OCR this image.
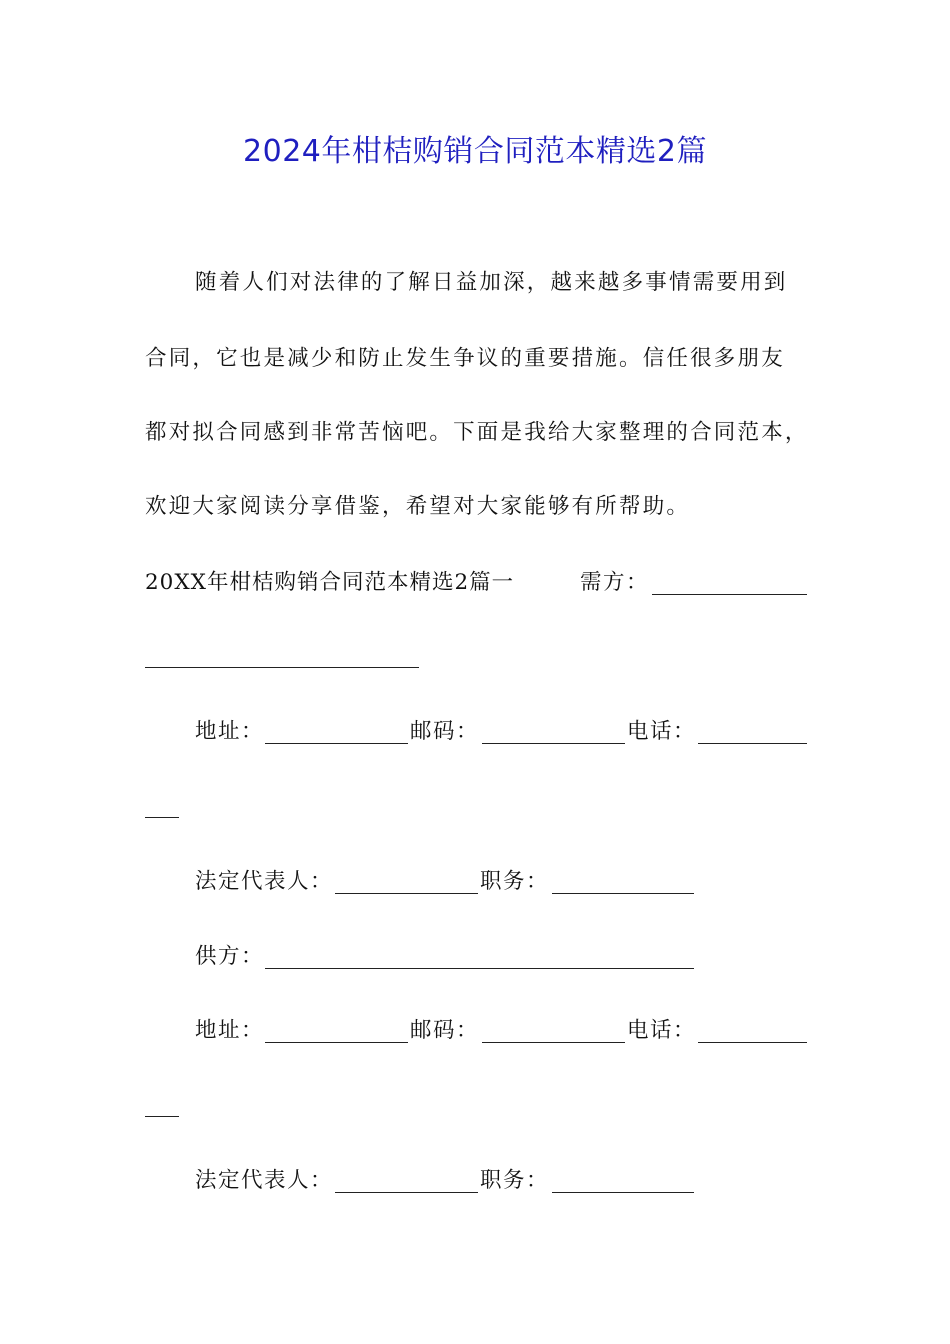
2024年柑桔购销合同范本精选2篇
随着人们对法律的了解日益加深，越来越多事情需要用到
合同，它也是减少和防止发生争议的重要措施。信任很多朋友
都对拟合同感到非常苦恼吧。下面是我给大家整理的合同范本，
欢迎大家阅读分享借鉴，希望对大家能够有所帮助。
20XX年柑桔购销合同范本精选2篇一	需方：
地址：	邮码：	电话：
法定代表人：	职务：
供方：
地址：	邮码：	电话：
法定代表人：	职务：
